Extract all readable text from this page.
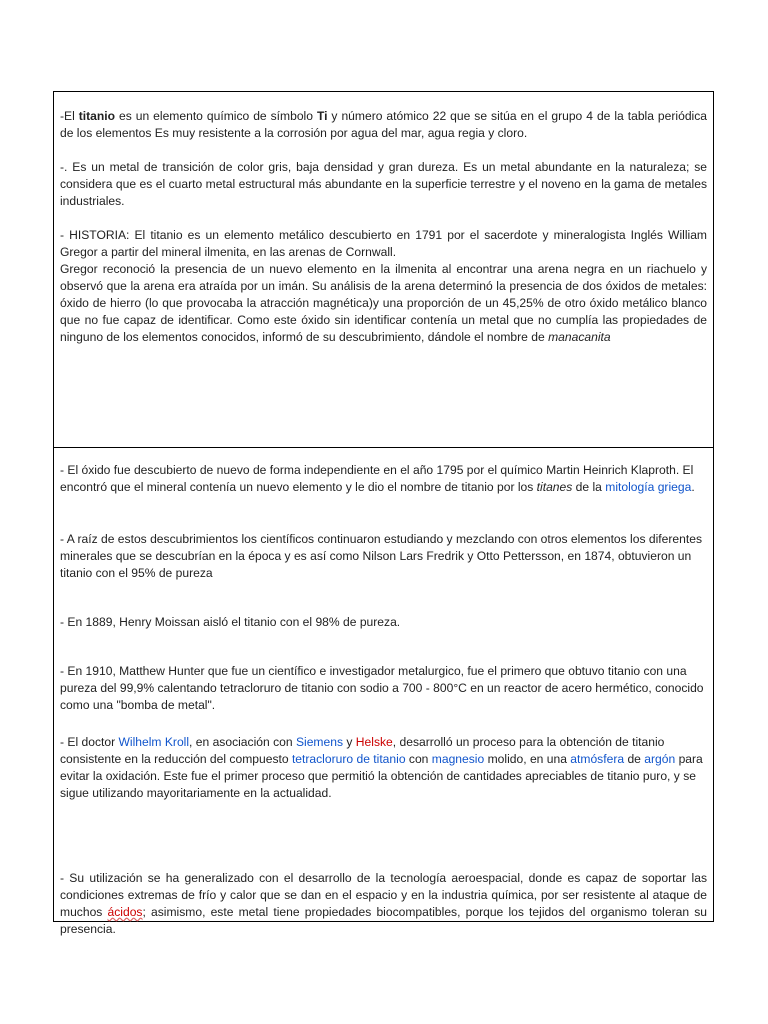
-El titanio es un elemento químico de símbolo Ti y número atómico 22 que se sitúa en el grupo 4 de la tabla periódica de los elementos Es muy resistente a la corrosión por agua del mar, agua regia y cloro.

-. Es un metal de transición de color gris, baja densidad y gran dureza. Es un metal abundante en la naturaleza; se considera que es el cuarto metal estructural más abundante en la superficie terrestre y el noveno en la gama de metales industriales.

- HISTORIA: El titanio es un elemento metálico descubierto en 1791 por el sacerdote y mineralogista Inglés William Gregor a partir del mineral ilmenita, en las arenas de Cornwall.

Gregor reconoció la presencia de un nuevo elemento en la ilmenita al encontrar una arena negra en un riachuelo y observó que la arena era atraída por un imán. Su análisis de la arena determinó la presencia de dos óxidos de metales: óxido de hierro (lo que provocaba la atracción magnética)y una proporción de un 45,25% de otro óxido metálico blanco que no fue capaz de identificar. Como este óxido sin identificar contenía un metal que no cumplía las propiedades de ninguno de los elementos conocidos, informó de su descubrimiento, dándole el nombre de manacanita

- El óxido fue descubierto de nuevo de forma independiente en el año 1795 por el químico Martin Heinrich Klaproth. El encontró que el mineral contenía un nuevo elemento y le dio el nombre de titanio por los titanes de la mitología griega.

- A raíz de estos descubrimientos los científicos continuaron estudiando y mezclando con otros elementos los diferentes minerales que se descubrían en la época y es así como Nilson Lars Fredrik y Otto Pettersson, en 1874, obtuvieron un titanio con el 95% de pureza

- En 1889, Henry Moissan aisló el titanio con el 98% de pureza.

- En 1910, Matthew Hunter que fue un científico e investigador metalurgico, fue el primero que obtuvo titanio con una pureza del 99,9% calentando tetracloruro de titanio con sodio a 700 - 800°C en un reactor de acero hermético, conocido como una "bomba de metal".

- El doctor Wilhelm Kroll, en asociación con Siemens y Helske, desarrolló un proceso para la obtención de titanio consistente en la reducción del compuesto tetracloruro de titanio con magnesio molido, en una atmósfera de argón para evitar la oxidación. Este fue el primer proceso que permitió la obtención de cantidades apreciables de titanio puro, y se sigue utilizando mayoritariamente en la actualidad.

- Su utilización se ha generalizado con el desarrollo de la tecnología aeroespacial, donde es capaz de soportar las condiciones extremas de frío y calor que se dan en el espacio y en la industria química, por ser resistente al ataque de muchos ácidos; asimismo, este metal tiene propiedades biocompatibles, porque los tejidos del organismo toleran su presencia.
